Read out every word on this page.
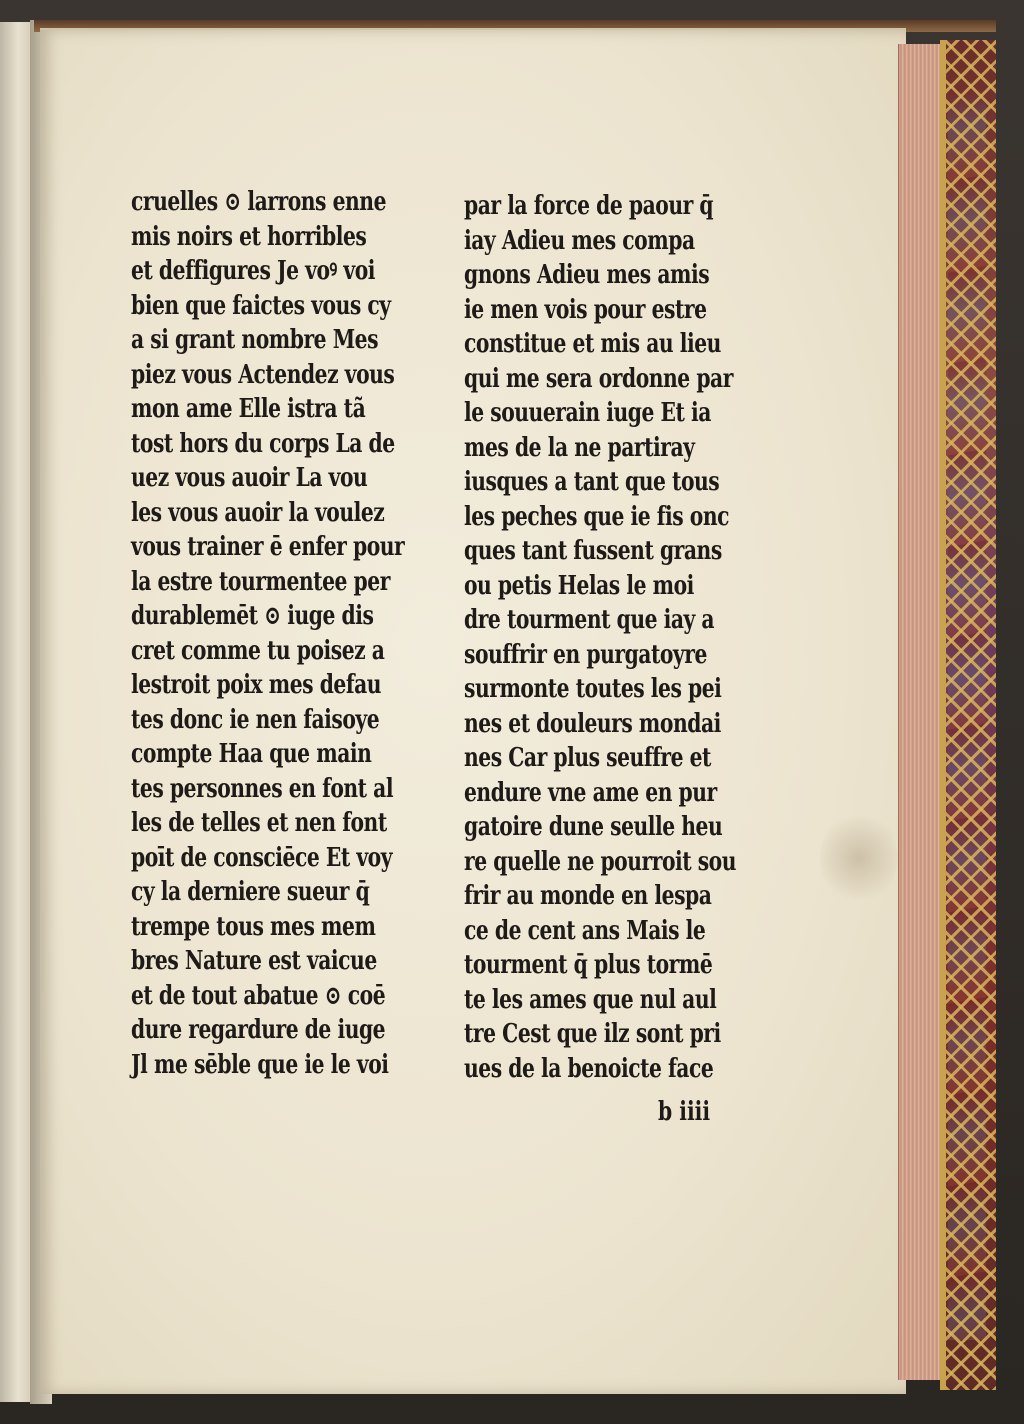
cruelles ⊙ larrons enne
mis noirs et horribles
et deffigures Je voꝰ voi
bien que faictes vous cy
a si grant nombre Mes
piez vous Actendez vous
mon ame Elle istra tã
tost hors du corps La de
uez vous auoir La vou
les vous auoir la voulez
vous trainer ē enfer pour
la estre tourmentee per
durablemēt ⊙ iuge dis
cret comme tu poisez a
lestroit poix mes defau
tes donc ie nen faisoye
compte Haa que main
tes personnes en font al
les de telles et nen font
poīt de consciēce Et voy
cy la derniere sueur q̄
trempe tous mes mem
bres Nature est vaicue
et de tout abatue ⊙ coē
dure regardure de iuge
Jl me sēble que ie le voi
par la force de paour q̄
iay Adieu mes compa
gnons Adieu mes amis
ie men vois pour estre
constitue et mis au lieu
qui me sera ordonne par
le souuerain iuge Et ia
mes de la ne partiray
iusques a tant que tous
les peches que ie fis onc
ques tant fussent grans
ou petis Helas le moi
dre tourment que iay a
souffrir en purgatoyre
surmonte toutes les pei
nes et douleurs mondai
nes Car plus seuffre et
endure vne ame en pur
gatoire dune seulle heu
re quelle ne pourroit sou
frir au monde en lespa
ce de cent ans Mais le
tourment q̄ plus tormē
te les ames que nul aul
tre Cest que ilz sont pri
ues de la benoicte face
b iiii
